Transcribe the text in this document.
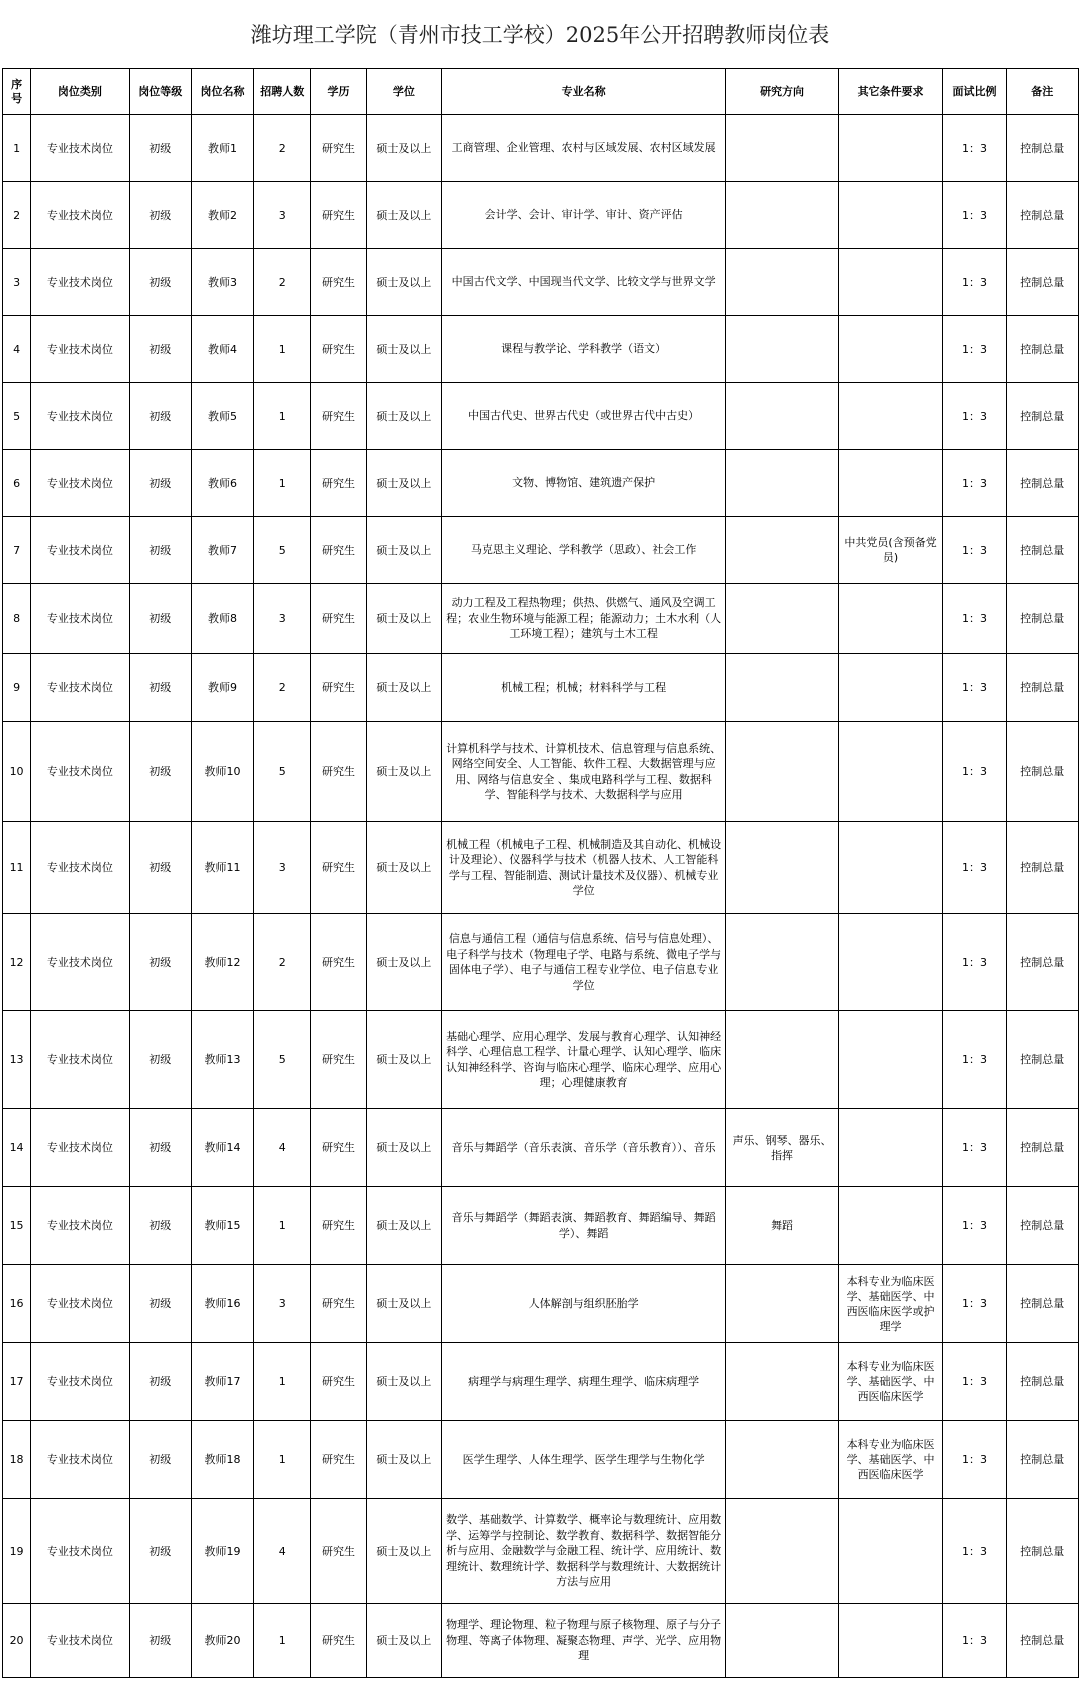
潍坊理工学院（青州市技工学校）2025年公开招聘教师岗位表
序号	岗位类别	岗位等级	岗位名称	招聘人数	学历	学位	专业名称	研究方向	其它条件要求	面试比例	备注
1	专业技术岗位	初级	教师1	2	研究生	硕士及以上	工商管理、企业管理、农村与区域发展、农村区域发展			1：3	控制总量
2	专业技术岗位	初级	教师2	3	研究生	硕士及以上	会计学、会计、审计学、审计、资产评估			1：3	控制总量
3	专业技术岗位	初级	教师3	2	研究生	硕士及以上	中国古代文学、中国现当代文学、比较文学与世界文学			1：3	控制总量
4	专业技术岗位	初级	教师4	1	研究生	硕士及以上	课程与教学论、学科教学（语文）			1：3	控制总量
5	专业技术岗位	初级	教师5	1	研究生	硕士及以上	中国古代史、世界古代史（或世界古代中古史）			1：3	控制总量
6	专业技术岗位	初级	教师6	1	研究生	硕士及以上	文物、博物馆、建筑遗产保护			1：3	控制总量
7	专业技术岗位	初级	教师7	5	研究生	硕士及以上	马克思主义理论、学科教学（思政）、社会工作		中共党员(含预备党员)	1：3	控制总量
8	专业技术岗位	初级	教师8	3	研究生	硕士及以上	动力工程及工程热物理；供热、供燃气、通风及空调工程；农业生物环境与能源工程；能源动力；土木水利（人工环境工程）；建筑与土木工程			1：3	控制总量
9	专业技术岗位	初级	教师9	2	研究生	硕士及以上	机械工程；机械；材料科学与工程			1：3	控制总量
10	专业技术岗位	初级	教师10	5	研究生	硕士及以上	计算机科学与技术、计算机技术、信息管理与信息系统、网络空间安全、人工智能、软件工程、大数据管理与应用、网络与信息安全 、集成电路科学与工程、数据科学、智能科学与技术、大数据科学与应用			1：3	控制总量
11	专业技术岗位	初级	教师11	3	研究生	硕士及以上	机械工程（机械电子工程、机械制造及其自动化、机械设计及理论）、仪器科学与技术（机器人技术、人工智能科学与工程、智能制造、测试计量技术及仪器）、机械专业学位			1：3	控制总量
12	专业技术岗位	初级	教师12	2	研究生	硕士及以上	信息与通信工程（通信与信息系统、信号与信息处理）、电子科学与技术（物理电子学、电路与系统、微电子学与固体电子学）、电子与通信工程专业学位、电子信息专业学位			1：3	控制总量
13	专业技术岗位	初级	教师13	5	研究生	硕士及以上	基础心理学、应用心理学、发展与教育心理学、认知神经科学、心理信息工程学、计量心理学、认知心理学、临床认知神经科学、咨询与临床心理学、临床心理学、应用心理；心理健康教育			1：3	控制总量
14	专业技术岗位	初级	教师14	4	研究生	硕士及以上	音乐与舞蹈学（音乐表演、音乐学（音乐教育））、音乐	声乐、钢琴、器乐、指挥		1：3	控制总量
15	专业技术岗位	初级	教师15	1	研究生	硕士及以上	音乐与舞蹈学（舞蹈表演、舞蹈教育、舞蹈编导、舞蹈学）、舞蹈	舞蹈		1：3	控制总量
16	专业技术岗位	初级	教师16	3	研究生	硕士及以上	人体解剖与组织胚胎学		本科专业为临床医学、基础医学、中西医临床医学或护理学	1：3	控制总量
17	专业技术岗位	初级	教师17	1	研究生	硕士及以上	病理学与病理生理学、病理生理学、临床病理学		本科专业为临床医学、基础医学、中西医临床医学	1：3	控制总量
18	专业技术岗位	初级	教师18	1	研究生	硕士及以上	医学生理学、人体生理学、医学生理学与生物化学		本科专业为临床医学、基础医学、中西医临床医学	1：3	控制总量
19	专业技术岗位	初级	教师19	4	研究生	硕士及以上	数学、基础数学、计算数学、概率论与数理统计、应用数学、运筹学与控制论、数学教育、数据科学、数据智能分析与应用、金融数学与金融工程、统计学、应用统计、数理统计、数理统计学、数据科学与数理统计、大数据统计方法与应用			1：3	控制总量
20	专业技术岗位	初级	教师20	1	研究生	硕士及以上	物理学、理论物理、粒子物理与原子核物理、原子与分子物理、等离子体物理、凝聚态物理、声学、光学、应用物理			1：3	控制总量
